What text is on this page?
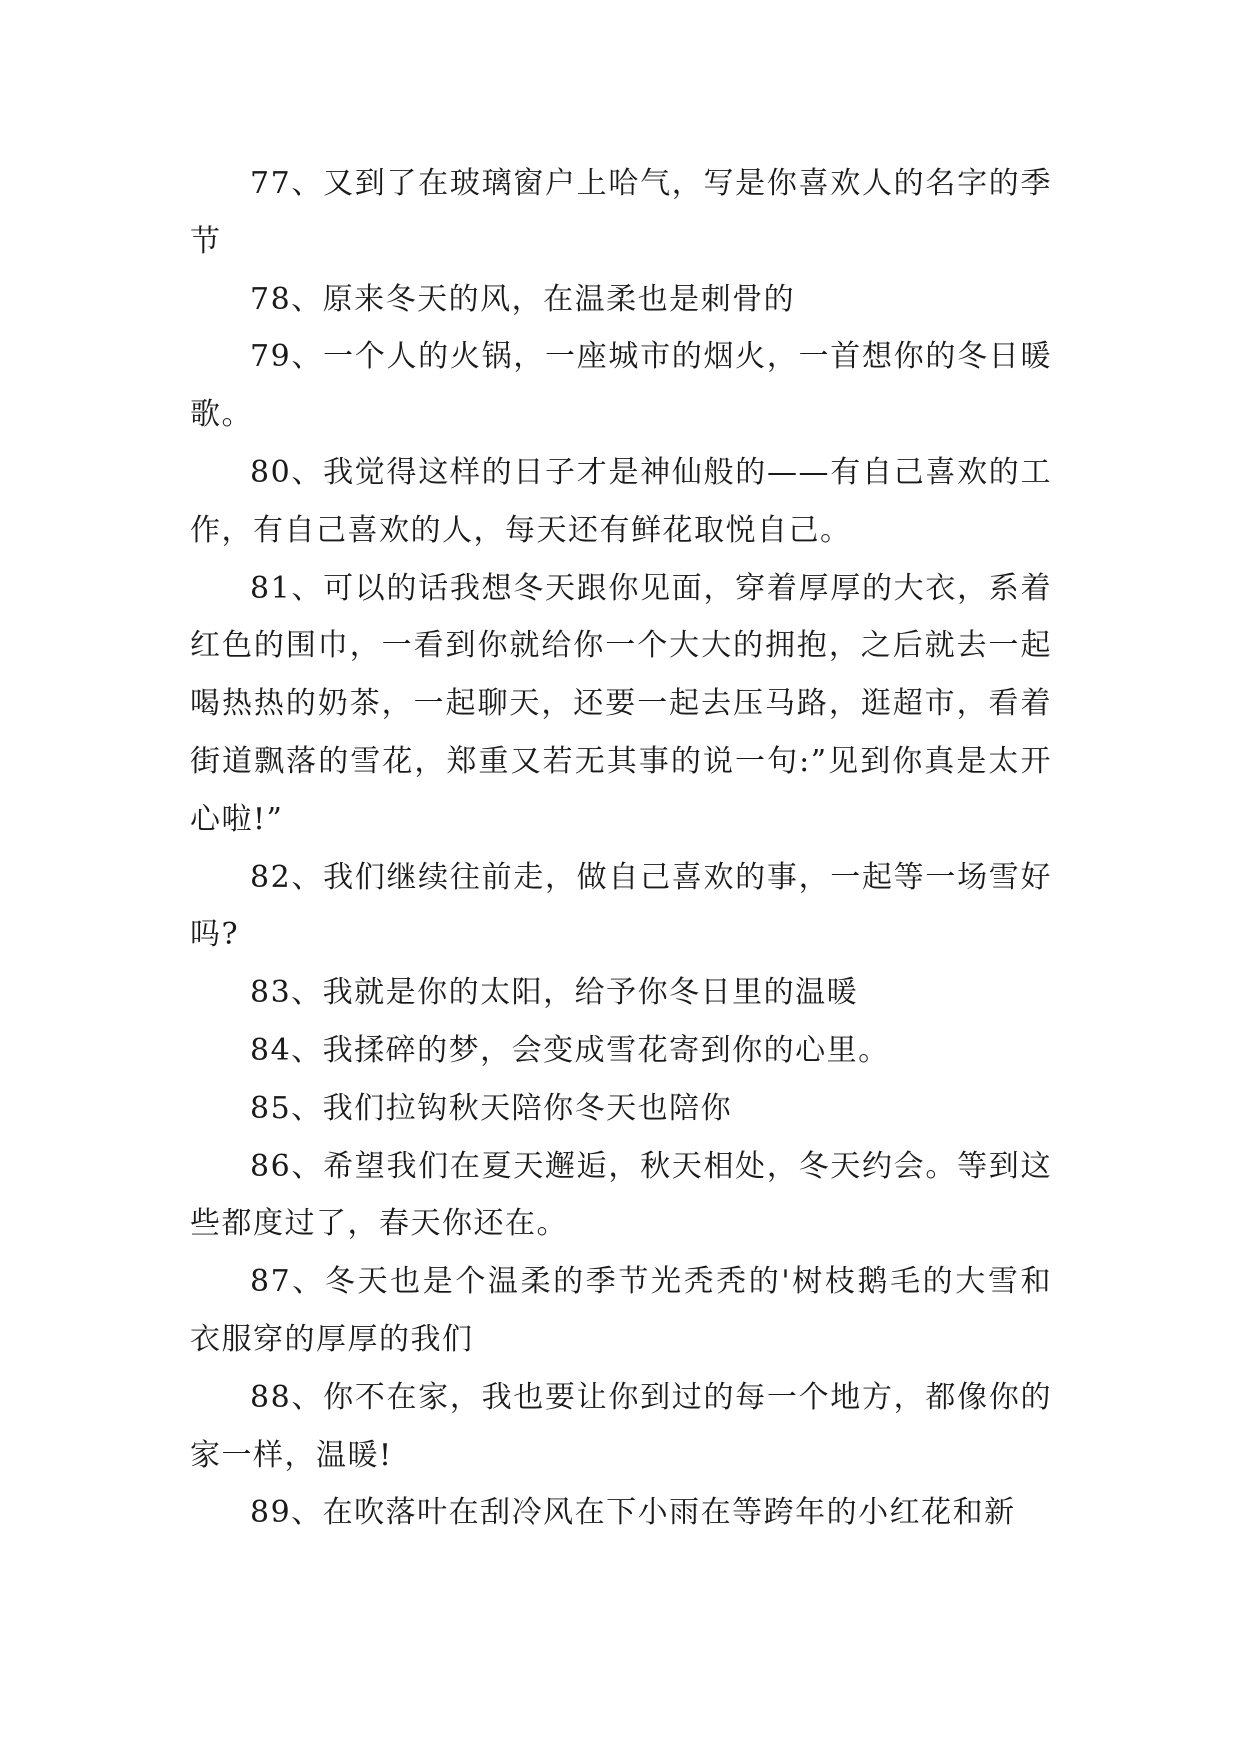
77、又到了在玻璃窗户上哈气，写是你喜欢人的名字的季节

78、原来冬天的风，在温柔也是刺骨的

79、一个人的火锅，一座城市的烟火，一首想你的冬日暖歌。

80、我觉得这样的日子才是神仙般的——有自己喜欢的工作，有自己喜欢的人，每天还有鲜花取悦自己。

81、可以的话我想冬天跟你见面，穿着厚厚的大衣，系着红色的围巾，一看到你就给你一个大大的拥抱，之后就去一起喝热热的奶茶，一起聊天，还要一起去压马路，逛超市，看着街道飘落的雪花，郑重又若无其事的说一句:”见到你真是太开心啦!”

82、我们继续往前走，做自己喜欢的事，一起等一场雪好吗?

83、我就是你的太阳，给予你冬日里的温暖

84、我揉碎的梦，会变成雪花寄到你的心里。

85、我们拉钩秋天陪你冬天也陪你

86、希望我们在夏天邂逅，秋天相处，冬天约会。等到这些都度过了，春天你还在。

87、冬天也是个温柔的季节光秃秃的'树枝鹅毛的大雪和衣服穿的厚厚的我们

88、你不在家，我也要让你到过的每一个地方，都像你的家一样，温暖!

89、在吹落叶在刮冷风在下小雨在等跨年的小红花和新
